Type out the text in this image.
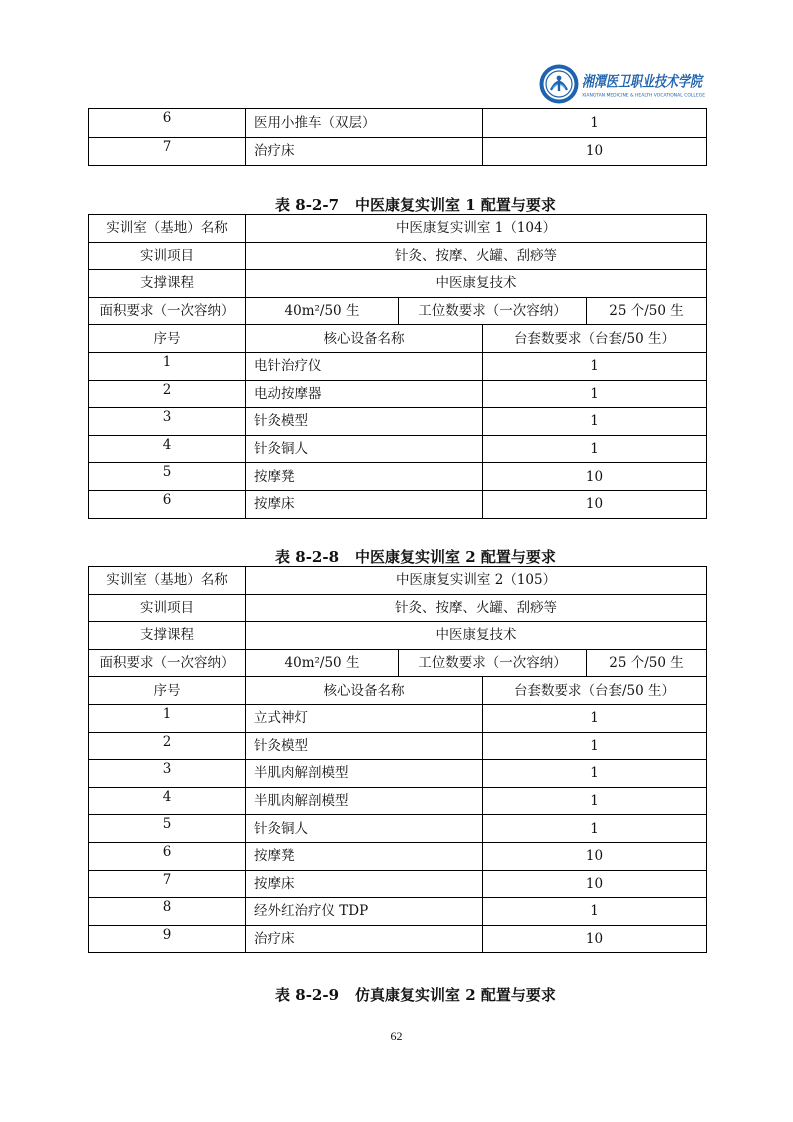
湘潭医卫职业技术学院
XIANGTAN MEDICINE & HEALTH VOCATIONAL COLLEGE
6	医用小推车（双层）	1
7	治疗床	10
表 8-2-7 中医康复实训室 1 配置与要求
实训室（基地）名称	中医康复实训室 1（104）			
实训项目	针灸、按摩、火罐、刮痧等			
支撑课程	中医康复技术			
面积要求（一次容纳）	40m²/50 生	工位数要求（一次容纳）		25 个/50 生
序号	核心设备名称		台套数要求（台套/50 生）	
1	电针治疗仪		1	
2	电动按摩器		1	
3	针灸模型		1	
4	针灸铜人		1	
5	按摩凳		10	
6	按摩床		10	
表 8-2-8 中医康复实训室 2 配置与要求
实训室（基地）名称	中医康复实训室 2（105）			
实训项目	针灸、按摩、火罐、刮痧等			
支撑课程	中医康复技术			
面积要求（一次容纳）	40m²/50 生	工位数要求（一次容纳）		25 个/50 生
序号	核心设备名称		台套数要求（台套/50 生）	
1	立式神灯		1	
2	针灸模型		1	
3	半肌肉解剖模型		1	
4	半肌肉解剖模型		1	
5	针灸铜人		1	
6	按摩凳		10	
7	按摩床		10	
8	经外红治疗仪 TDP		1	
9	治疗床		10	
表 8-2-9 仿真康复实训室 2 配置与要求
62
